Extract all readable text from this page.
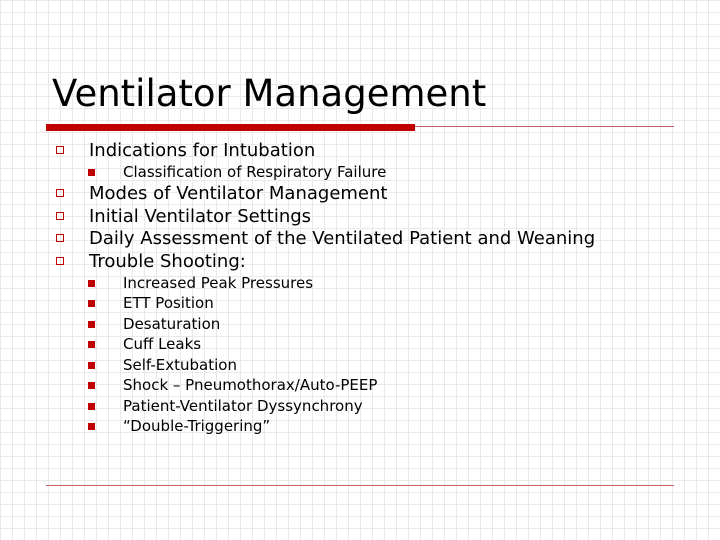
Ventilator Management
Indications for Intubation
Classification of Respiratory Failure
Modes of Ventilator Management
Initial Ventilator Settings
Daily Assessment of the Ventilated Patient and Weaning
Trouble Shooting:
Increased Peak Pressures
ETT Position
Desaturation
Cuff Leaks
Self-Extubation
Shock – Pneumothorax/Auto-PEEP
Patient-Ventilator Dyssynchrony
“Double-Triggering”
